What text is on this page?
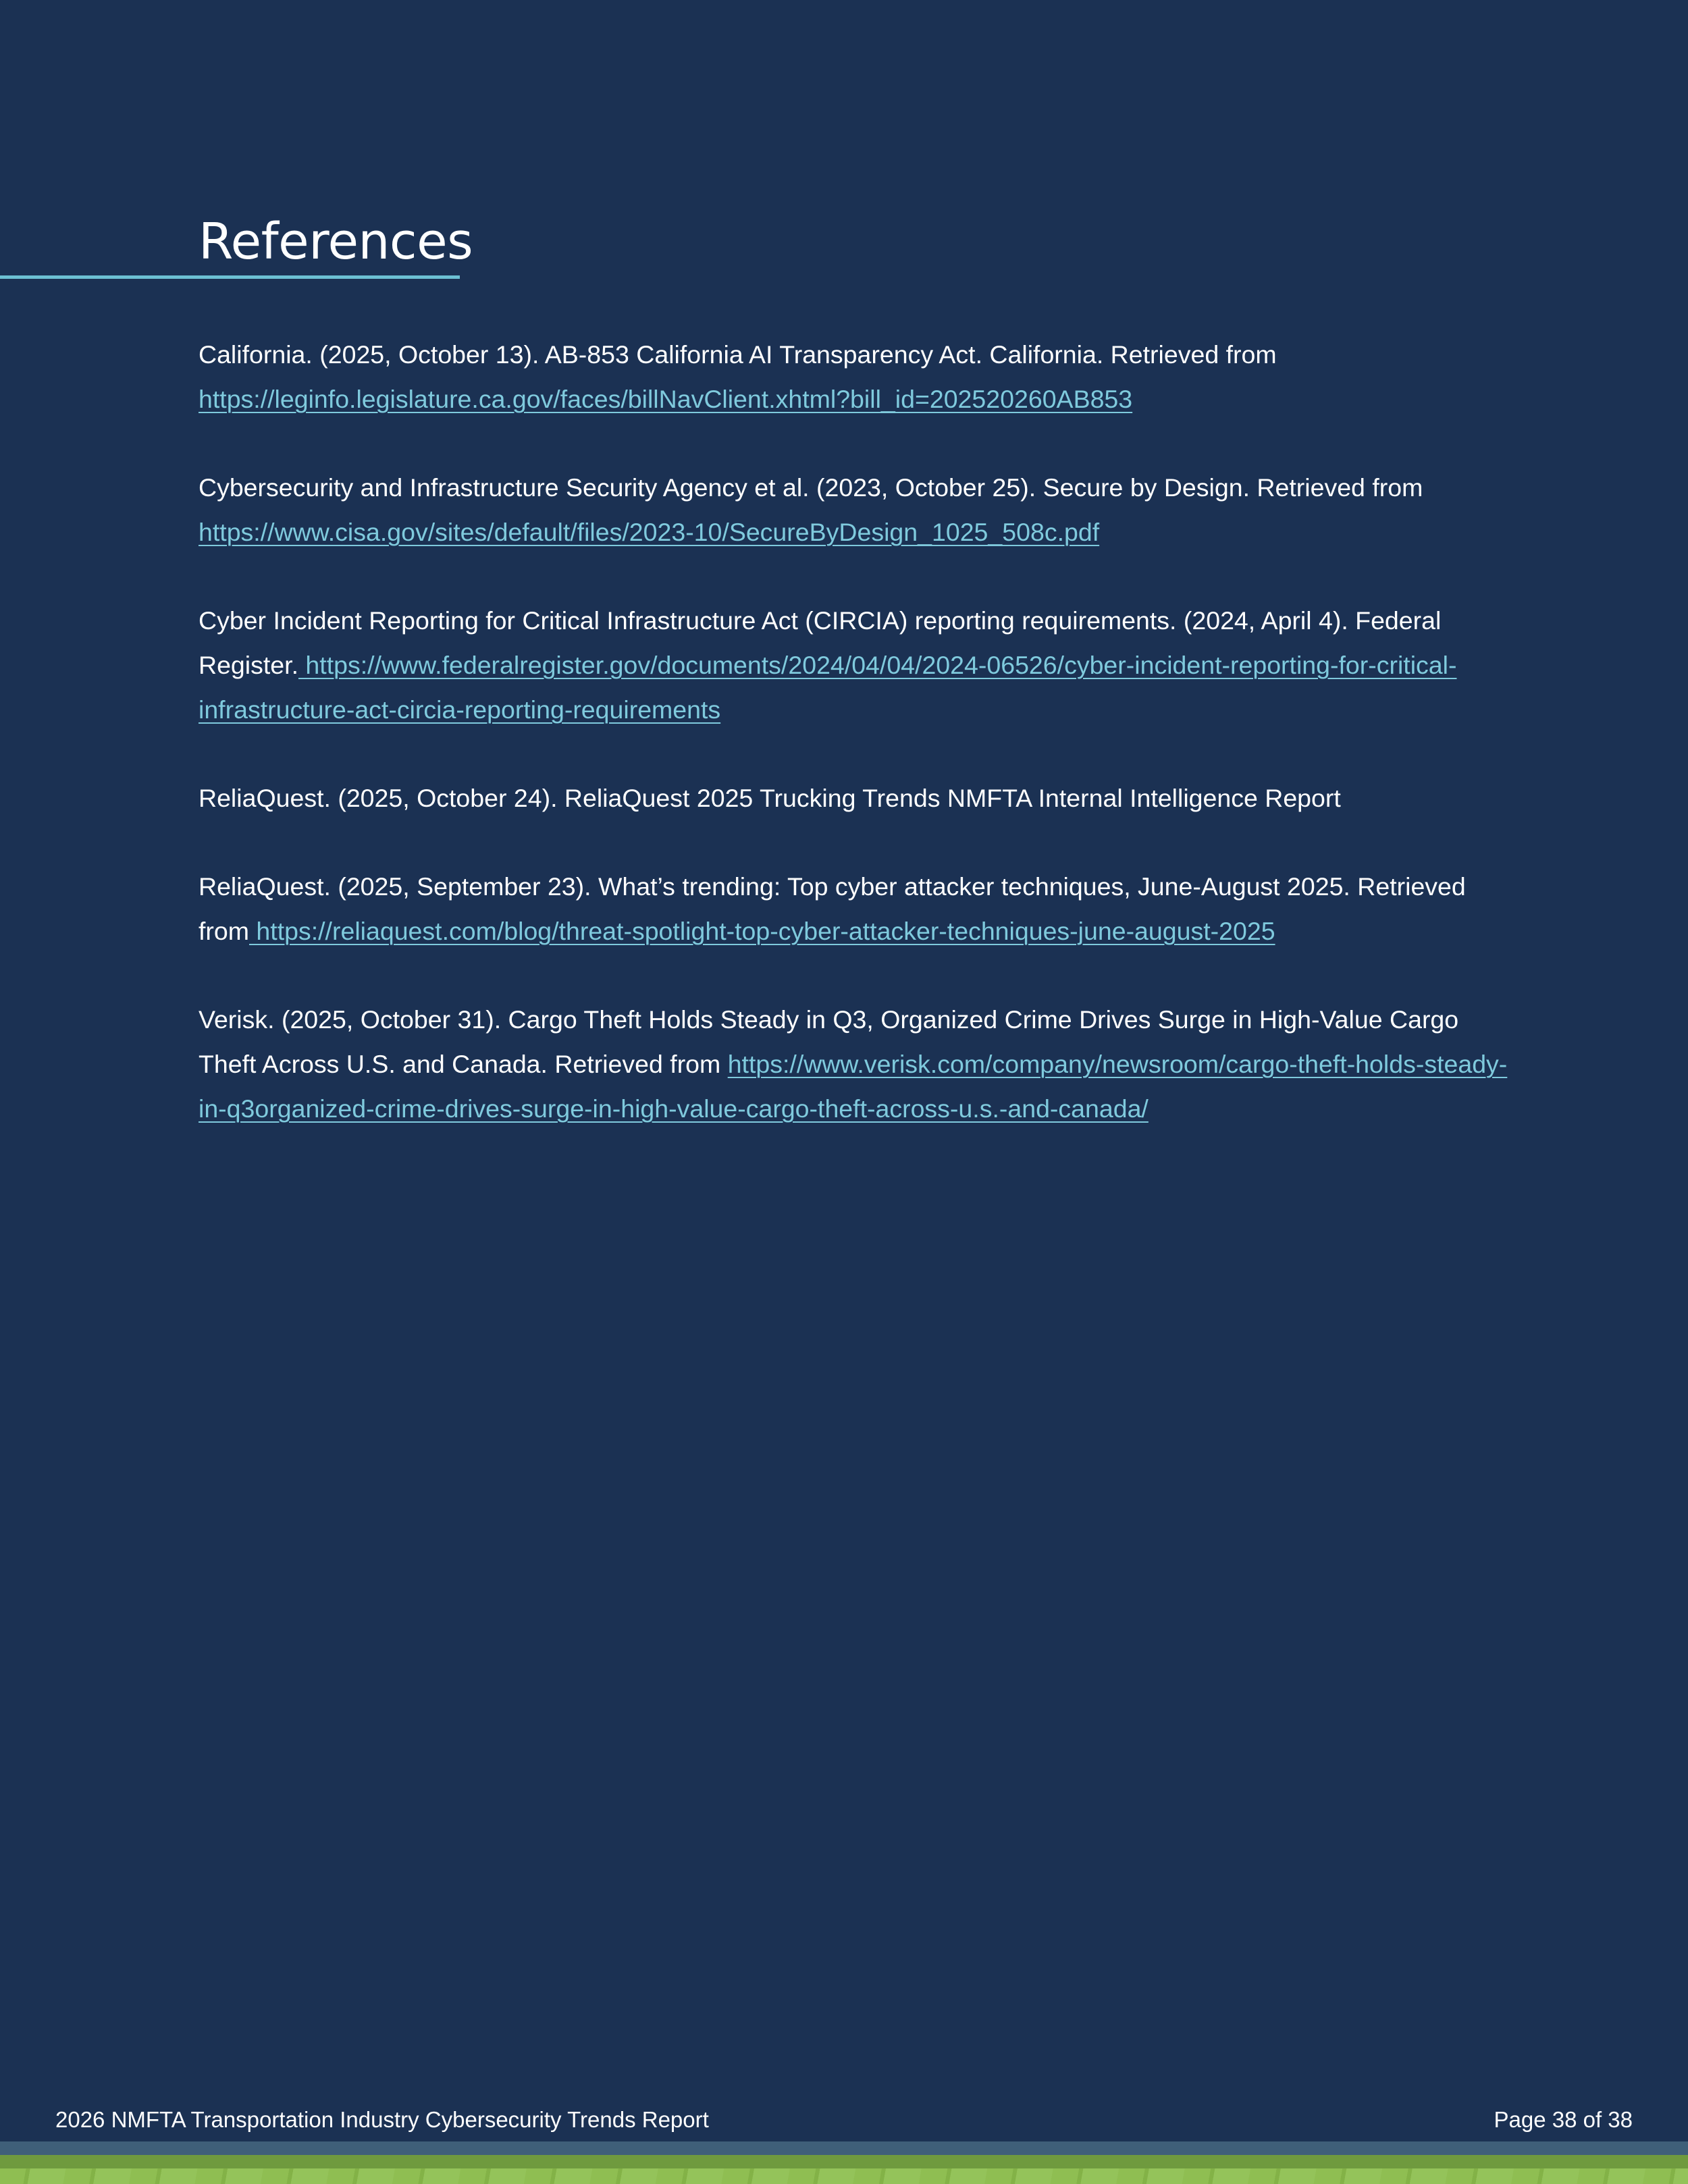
References
California. (2025, October 13). AB-853 California AI Transparency Act. California. Retrieved from https://leginfo.legislature.ca.gov/faces/billNavClient.xhtml?bill_id=202520260AB853
Cybersecurity and Infrastructure Security Agency et al. (2023, October 25). Secure by Design. Retrieved from https://www.cisa.gov/sites/default/files/2023-10/SecureByDesign_1025_508c.pdf
Cyber Incident Reporting for Critical Infrastructure Act (CIRCIA) reporting requirements. (2024, April 4). Federal Register. https://www.federalregister.gov/documents/2024/04/04/2024-06526/cyber-incident-reporting-for-critical-infrastructure-act-circia-reporting-requirements
ReliaQuest. (2025, October 24). ReliaQuest 2025 Trucking Trends NMFTA Internal Intelligence Report
ReliaQuest. (2025, September 23). What’s trending: Top cyber attacker techniques, June-August 2025. Retrieved from https://reliaquest.com/blog/threat-spotlight-top-cyber-attacker-techniques-june-august-2025
Verisk. (2025, October 31). Cargo Theft Holds Steady in Q3, Organized Crime Drives Surge in High-Value Cargo Theft Across U.S. and Canada. Retrieved from https://www.verisk.com/company/newsroom/cargo-theft-holds-steady-in-q3organized-crime-drives-surge-in-high-value-cargo-theft-across-u.s.-and-canada/
2026 NMFTA Transportation Industry Cybersecurity Trends Report	Page 38 of 38
